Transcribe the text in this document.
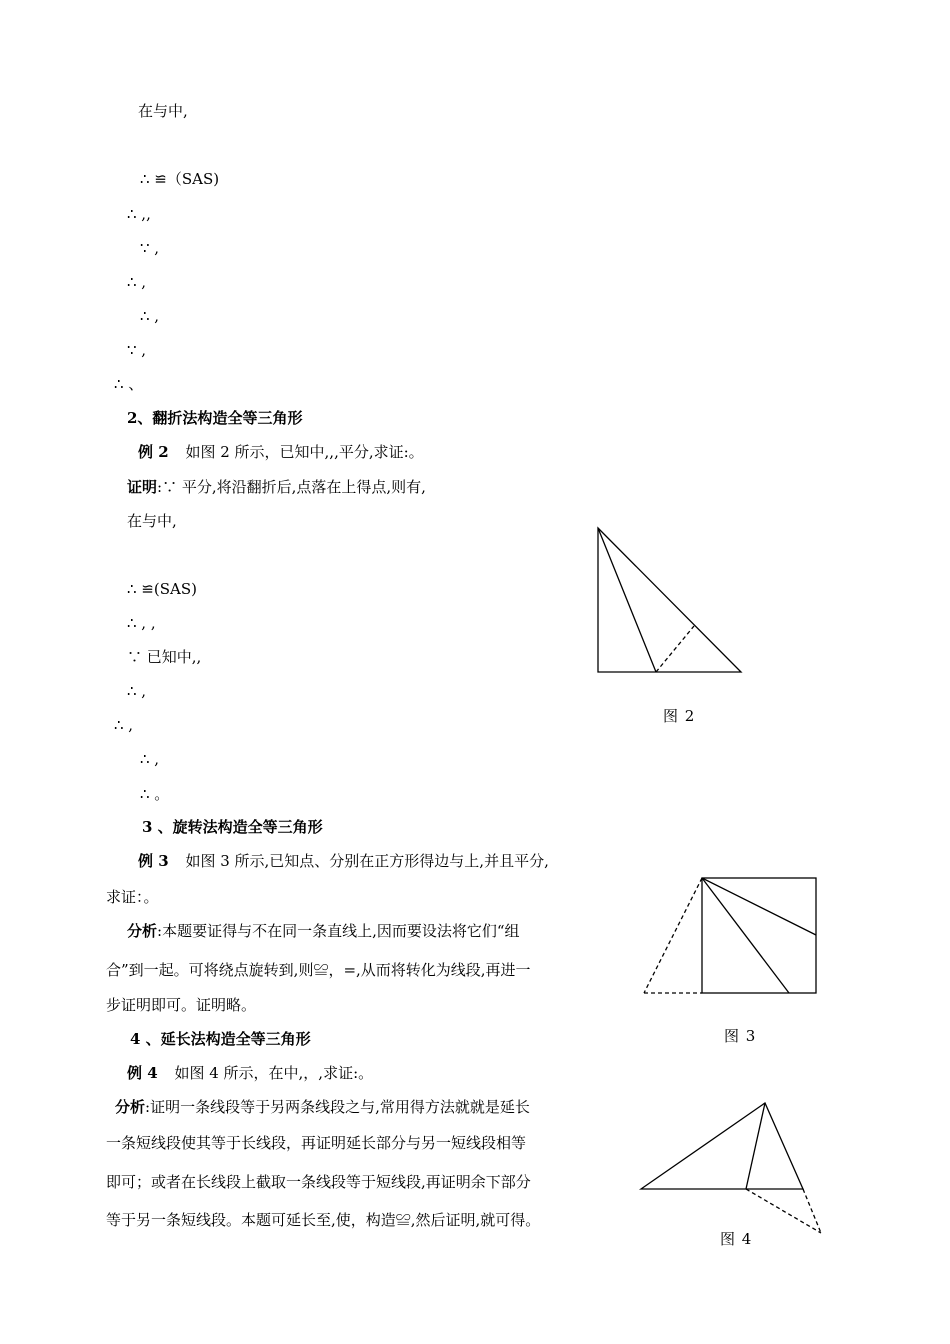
在与中,
∴ ≌（SAS)
∴ ,,
∵ ,
∴ ,
∴ ,
∵ ,
∴ 、
2、翻折法构造全等三角形
例 2 如图 2 所示，已知中,,,平分,求证:。
证明:∵ 平分,将沿翻折后,点落在上得点,则有,
在与中,
∴ ≌(SAS)
∴ , ,
∵ 已知中,,
∴ ,
∴ ,
∴ ,
∴ 。
3 、旋转法构造全等三角形
例 3 如图 3 所示,已知点、分别在正方形得边与上,并且平分,
求证：。
分析:本题要证得与不在同一条直线上,因而要设法将它们“组
合”到一起。可将绕点旋转到,则≌，=,从而将转化为线段,再进一
步证明即可。证明略。
4 、延长法构造全等三角形
例 4 如图 4 所示，在中,，,求证:。
分析:证明一条线段等于另两条线段之与,常用得方法就就是延长
一条短线段使其等于长线段，再证明延长部分与另一短线段相等
即可；或者在长线段上截取一条线段等于短线段,再证明余下部分
等于另一条短线段。本题可延长至,使，构造≌,然后证明,就可得。
图 2
图 3
图 4
